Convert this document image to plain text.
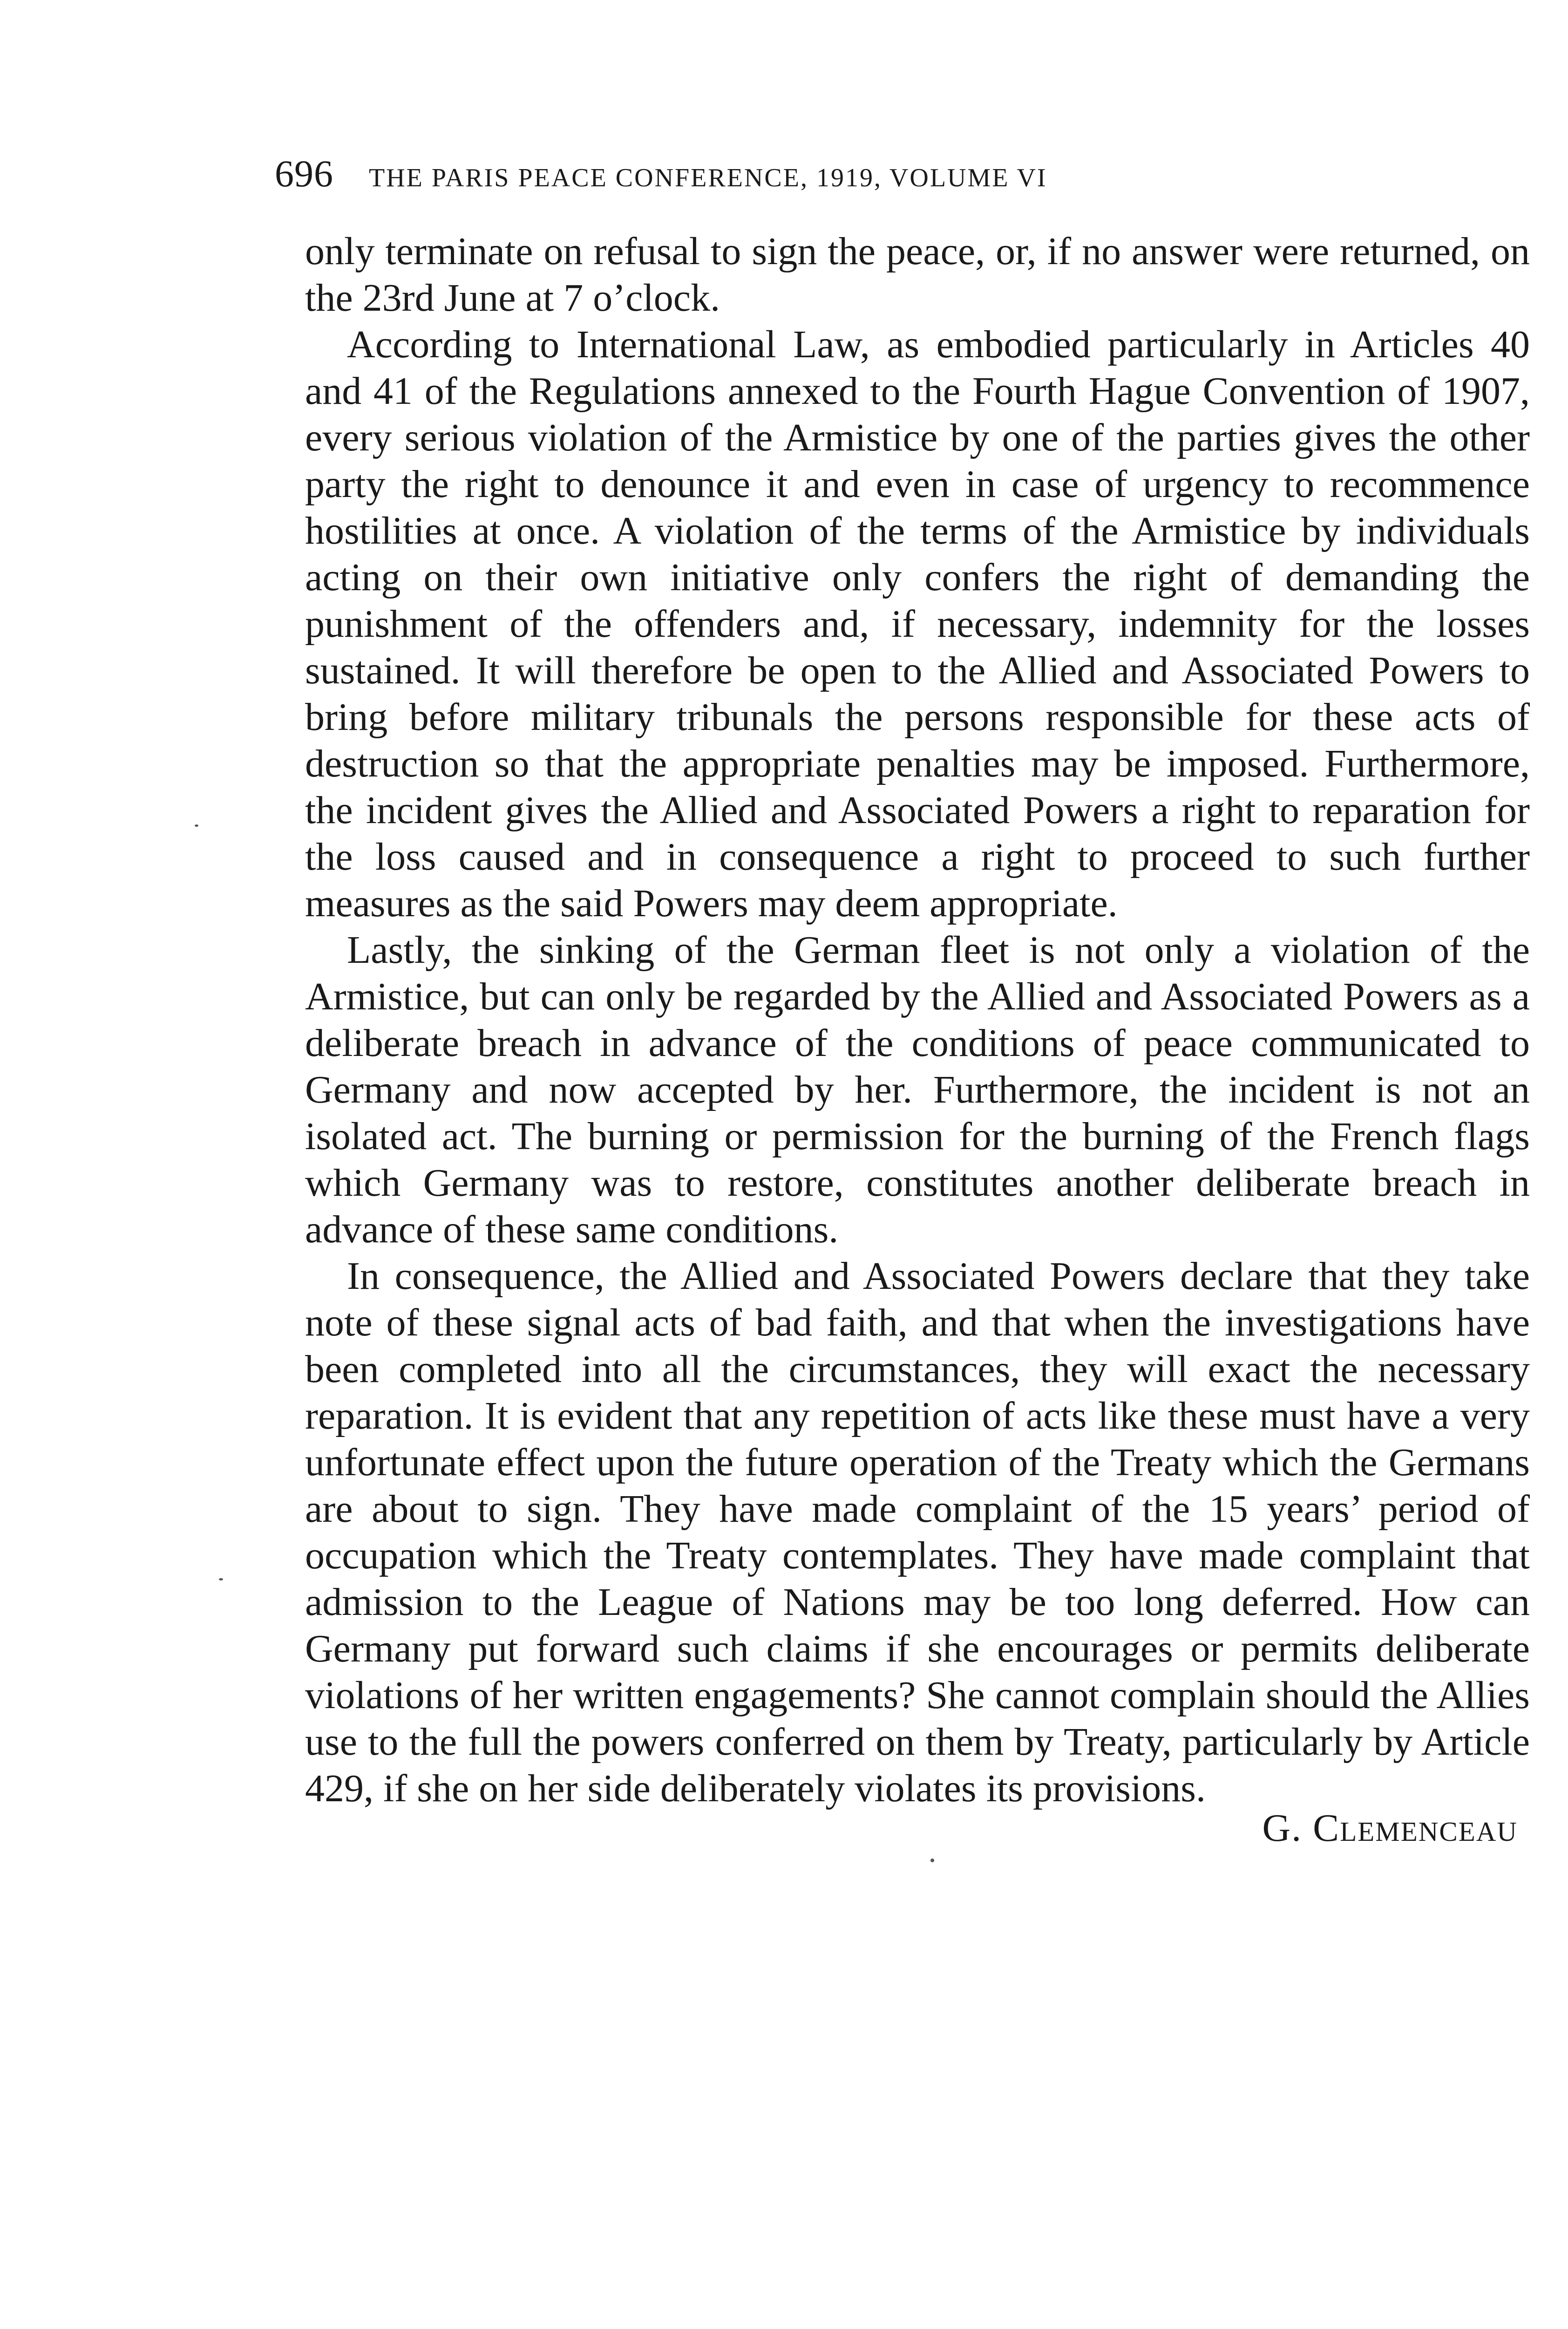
696 THE PARIS PEACE CONFERENCE, 1919, VOLUME VI

only terminate on refusal to sign the peace, or, if no answer were returned, on the 23rd June at 7 o’clock.

According to International Law, as embodied particularly in Articles 40 and 41 of the Regulations annexed to the Fourth Hague Convention of 1907, every serious violation of the Armistice by one of the parties gives the other party the right to denounce it and even in case of urgency to recommence hostilities at once. A violation of the terms of the Armistice by individuals acting on their own initiative only confers the right of demanding the punishment of the offenders and, if necessary, indemnity for the losses sustained. It will therefore be open to the Allied and Associated Powers to bring before military tribunals the persons responsible for these acts of destruction so that the appropriate penalties may be imposed. Furthermore, the incident gives the Allied and Associated Powers a right to reparation for the loss caused and in consequence a right to proceed to such further measures as the said Powers may deem appropriate.

Lastly, the sinking of the German fleet is not only a violation of the Armistice, but can only be regarded by the Allied and Associated Powers as a deliberate breach in advance of the conditions of peace communicated to Germany and now accepted by her. Furthermore, the incident is not an isolated act. The burning or permission for the burning of the French flags which Germany was to restore, constitutes another deliberate breach in advance of these same conditions.

In consequence, the Allied and Associated Powers declare that they take note of these signal acts of bad faith, and that when the investigations have been completed into all the circumstances, they will exact the necessary reparation. It is evident that any repetition of acts like these must have a very unfortunate effect upon the future operation of the Treaty which the Germans are about to sign. They have made complaint of the 15 years’ period of occupation which the Treaty contemplates. They have made complaint that admission to the League of Nations may be too long deferred. How can Germany put forward such claims if she encourages or permits deliberate violations of her written engagements? She cannot complain should the Allies use to the full the powers conferred on them by Treaty, particularly by Article 429, if she on her side deliberately violates its provisions.

G. Clemenceau
